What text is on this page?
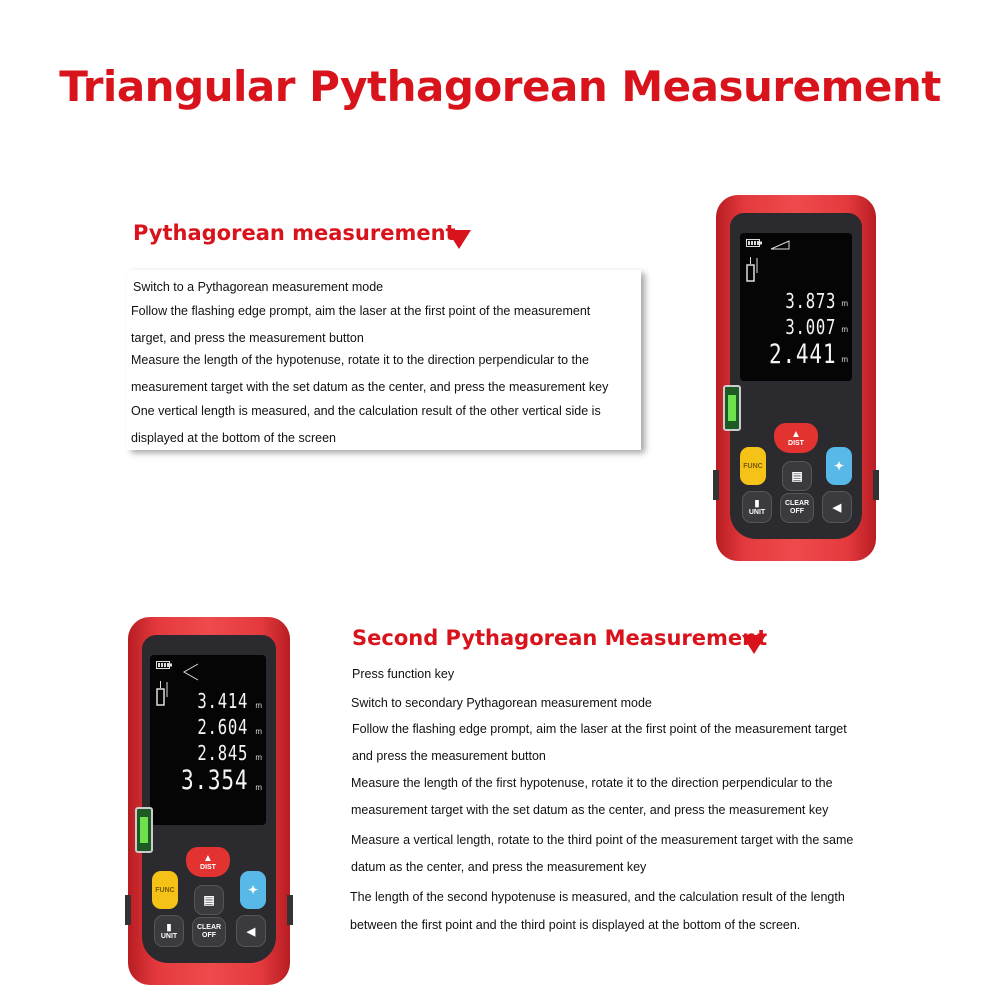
Triangular Pythagorean Measurement
Pythagorean measurement
Switch to a Pythagorean measurement mode
Follow the flashing edge prompt, aim the laser at the first point of the measurement
target, and press the measurement button
Measure the length of the hypotenuse, rotate it to the direction perpendicular to the
measurement target with the set datum as the center, and press the measurement key
One vertical length is measured, and the calculation result of the other vertical side is
displayed at the bottom of the screen
3.873 m
3.007 m
2.441 m
▲
DIST
FUNC	✦
▤
▮
UNIT
CLEAR
OFF	◀
Second Pythagorean Measurement
Press function key
Switch to secondary Pythagorean measurement mode
Follow the flashing edge prompt, aim the laser at the first point of the measurement target
and press the measurement button
Measure the length of the first hypotenuse, rotate it to the direction perpendicular to the
measurement target with the set datum as the center, and press the measurement key
Measure a vertical length, rotate to the third point of the measurement target with the same
datum as the center, and press the measurement key
The length of the second hypotenuse is measured, and the calculation result of the length
between the first point and the third point is displayed at the bottom of the screen.
3.414 m
2.604 m
2.845 m
3.354 m
▲
DIST
FUNC	✦
▤
▮
UNIT
CLEAR
OFF	◀
